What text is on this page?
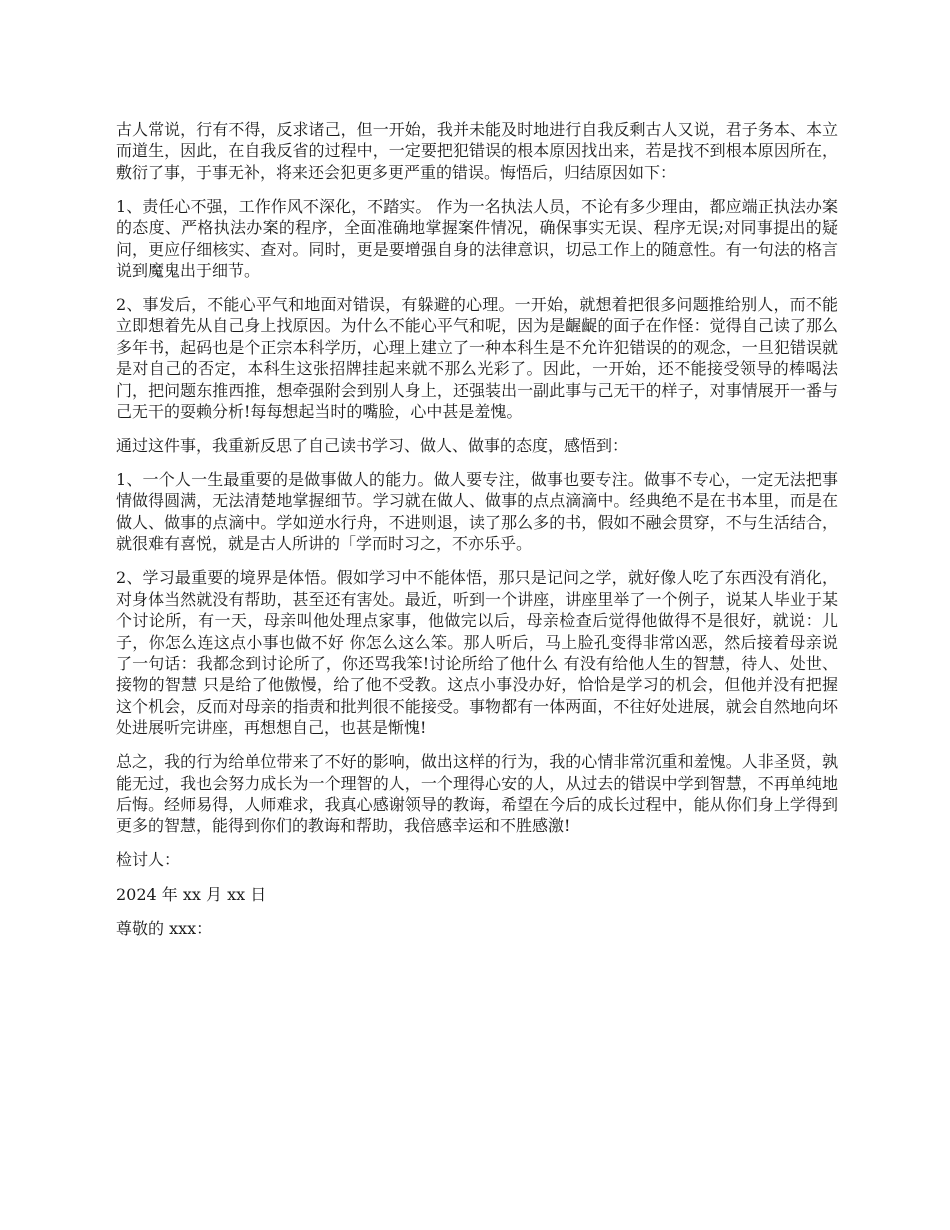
古人常说，行有不得，反求诸己，但一开始，我并未能及时地进行自我反剩古人又说，君子务本、本立而道生，因此，在自我反省的过程中，一定要把犯错误的根本原因找出来，若是找不到根本原因所在，敷衍了事，于事无补，将来还会犯更多更严重的错误。悔悟后，归结原因如下：

1、责任心不强，工作作风不深化，不踏实。 作为一名执法人员，不论有多少理由，都应端正执法办案的态度、严格执法办案的程序，全面准确地掌握案件情况，确保事实无误、程序无误;对同事提出的疑问，更应仔细核实、查对。同时，更是要增强自身的法律意识，切忌工作上的随意性。有一句法的格言说到魔鬼出于细节。

2、事发后，不能心平气和地面对错误，有躲避的心理。一开始，就想着把很多问题推给别人，而不能立即想着先从自己身上找原因。为什么不能心平气和呢，因为是齷齪的面子在作怪：觉得自己读了那么多年书，起码也是个正宗本科学历，心理上建立了一种本科生是不允许犯错误的的观念，一旦犯错误就是对自己的否定，本科生这张招牌挂起来就不那么光彩了。因此，一开始，还不能接受领导的棒喝法门，把问题东推西推，想牵强附会到别人身上，还强装出一副此事与己无干的样子，对事情展开一番与己无干的耍赖分析!每每想起当时的嘴脸，心中甚是羞愧。

通过这件事，我重新反思了自己读书学习、做人、做事的态度，感悟到：

1、一个人一生最重要的是做事做人的能力。做人要专注，做事也要专注。做事不专心，一定无法把事情做得圆满，无法清楚地掌握细节。学习就在做人、做事的点点滴滴中。经典绝不是在书本里，而是在做人、做事的点滴中。学如逆水行舟，不进则退，读了那么多的书，假如不融会贯穿，不与生活结合，就很难有喜悦，就是古人所讲的「学而时习之，不亦乐乎。

2、学习最重要的境界是体悟。假如学习中不能体悟，那只是记问之学，就好像人吃了东西没有消化，对身体当然就没有帮助，甚至还有害处。最近，听到一个讲座，讲座里举了一个例子，说某人毕业于某个讨论所，有一天，母亲叫他处理点家事，他做完以后，母亲检查后觉得他做得不是很好，就说：儿子，你怎么连这点小事也做不好 你怎么这么笨。那人听后，马上脸孔变得非常凶恶，然后接着母亲说了一句话：我都念到讨论所了，你还骂我笨!讨论所给了他什么 有没有给他人生的智慧，待人、处世、接物的智慧 只是给了他傲慢，给了他不受教。这点小事没办好，恰恰是学习的机会，但他并没有把握这个机会，反而对母亲的指责和批判很不能接受。事物都有一体两面，不往好处进展，就会自然地向坏处进展听完讲座，再想想自己，也甚是惭愧!

总之，我的行为给单位带来了不好的影响，做出这样的行为，我的心情非常沉重和羞愧。人非圣贤，孰能无过，我也会努力成长为一个理智的人，一个理得心安的人，从过去的错误中学到智慧，不再单纯地后悔。经师易得，人师难求，我真心感谢领导的教诲，希望在今后的成长过程中，能从你们身上学得到更多的智慧，能得到你们的教诲和帮助，我倍感幸运和不胜感激!

检讨人：

2024 年 xx 月 xx 日

尊敬的 xxx：
